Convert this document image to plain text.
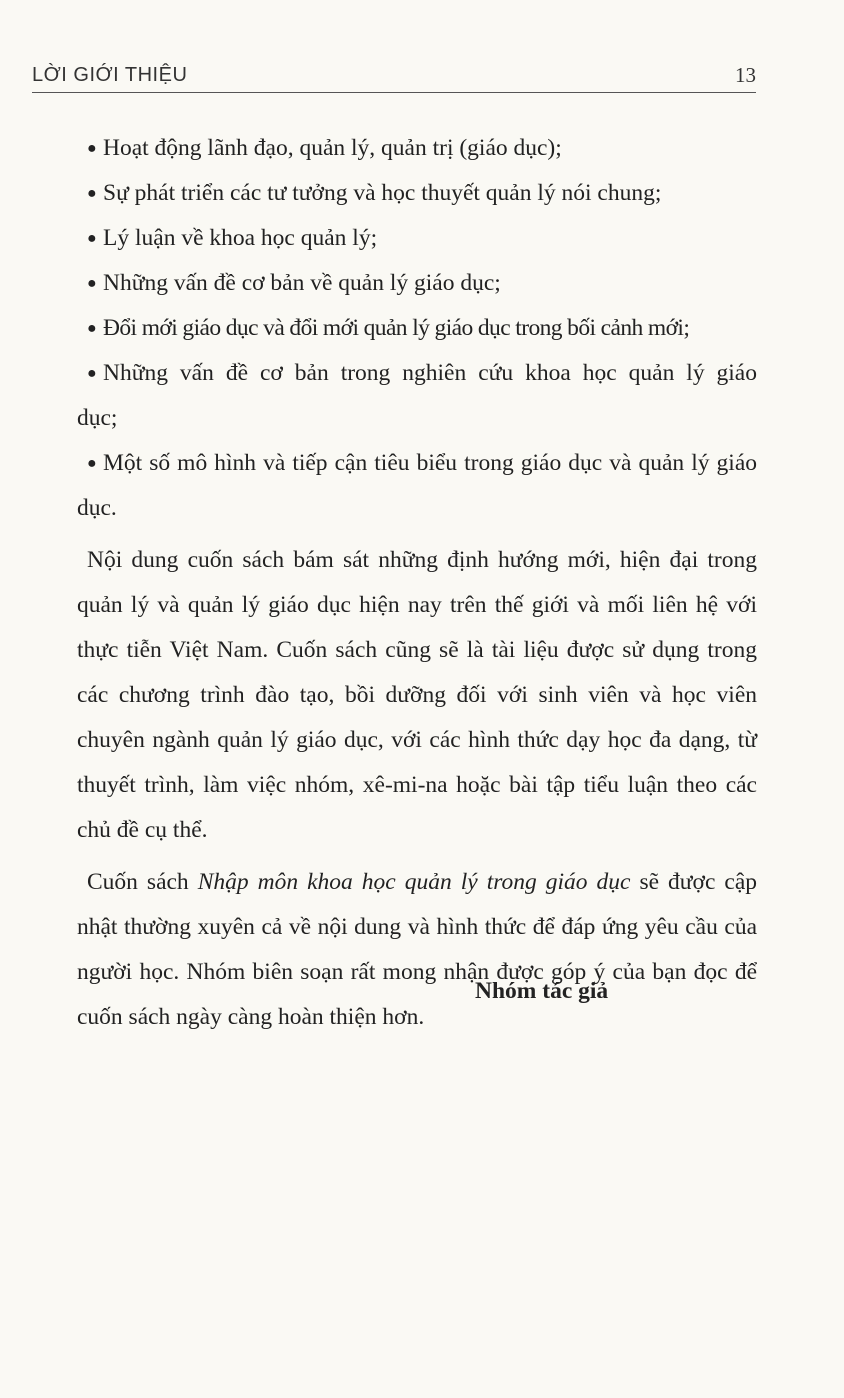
LỜI GIỚI THIỆU	13

● Hoạt động lãnh đạo, quản lý, quản trị (giáo dục);

● Sự phát triển các tư tưởng và học thuyết quản lý nói chung;

● Lý luận về khoa học quản lý;

● Những vấn đề cơ bản về quản lý giáo dục;

● Đổi mới giáo dục và đổi mới quản lý giáo dục trong bối cảnh mới;

● Những vấn đề cơ bản trong nghiên cứu khoa học quản lý giáo dục;

● Một số mô hình và tiếp cận tiêu biểu trong giáo dục và quản lý giáo dục.

Nội dung cuốn sách bám sát những định hướng mới, hiện đại trong quản lý và quản lý giáo dục hiện nay trên thế giới và mối liên hệ với thực tiễn Việt Nam. Cuốn sách cũng sẽ là tài liệu được sử dụng trong các chương trình đào tạo, bồi dưỡng đối với sinh viên và học viên chuyên ngành quản lý giáo dục, với các hình thức dạy học đa dạng, từ thuyết trình, làm việc nhóm, xê-mi-na hoặc bài tập tiểu luận theo các chủ đề cụ thể.

Cuốn sách Nhập môn khoa học quản lý trong giáo dục sẽ được cập nhật thường xuyên cả về nội dung và hình thức để đáp ứng yêu cầu của người học. Nhóm biên soạn rất mong nhận được góp ý của bạn đọc để cuốn sách ngày càng hoàn thiện hơn.

Nhóm tác giả
